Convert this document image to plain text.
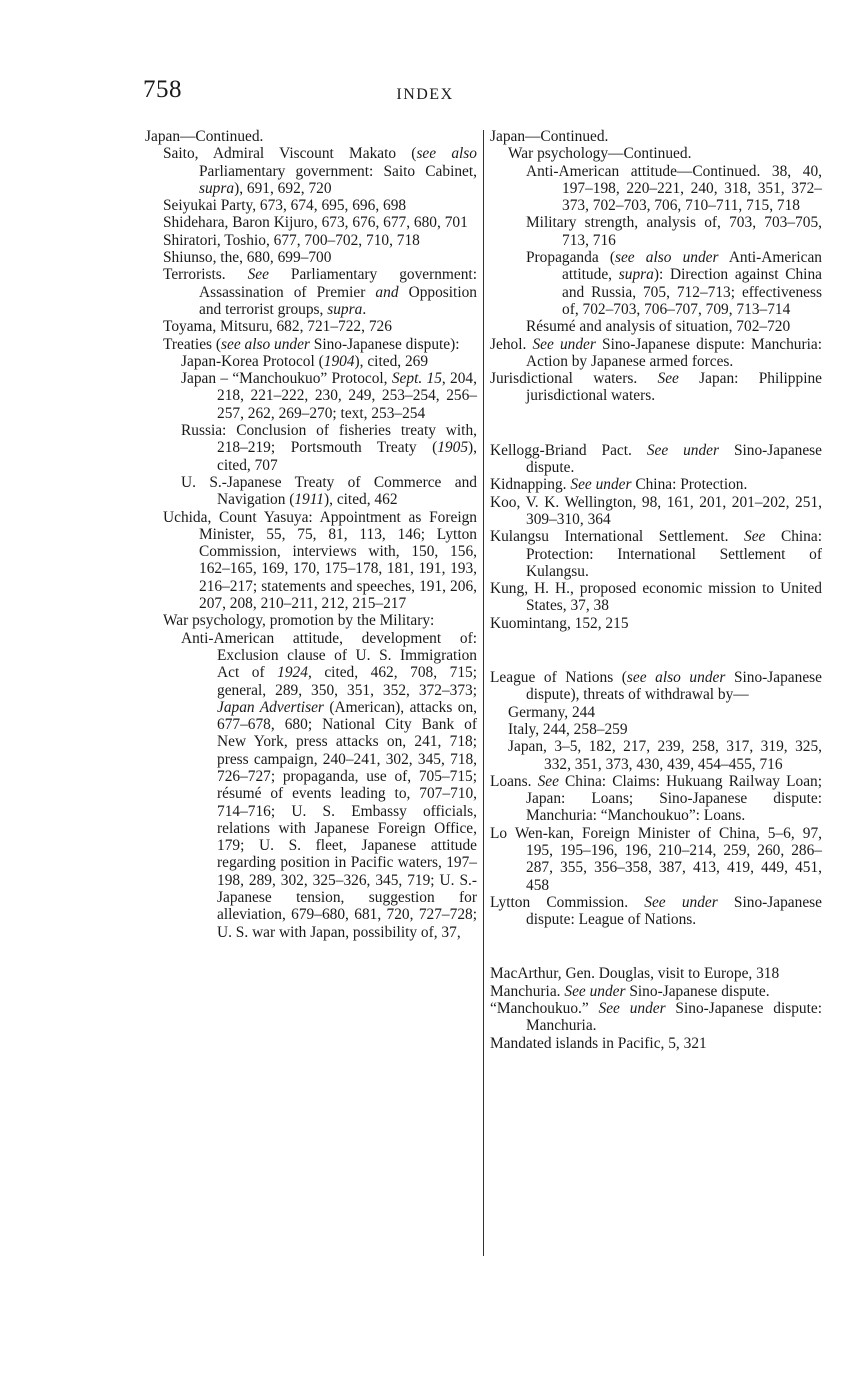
758	INDEX
Japan—Continued.
Saito, Admiral Viscount Makato (see also Parliamentary government: Saito Cabinet, supra), 691, 692, 720
Seiyukai Party, 673, 674, 695, 696, 698
Shidehara, Baron Kijuro, 673, 676, 677, 680, 701
Shiratori, Toshio, 677, 700–702, 710, 718
Shiunso, the, 680, 699–700
Terrorists. See Parliamentary government: Assassination of Premier and Opposition and terrorist groups, supra.
Toyama, Mitsuru, 682, 721–722, 726
Treaties (see also under Sino-Japanese dispute):
Japan-Korea Protocol (1904), cited, 269
Japan – “Manchoukuo” Protocol, Sept. 15, 204, 218, 221–222, 230, 249, 253–254, 256–257, 262, 269–270; text, 253–254
Russia: Conclusion of fisheries treaty with, 218–219; Portsmouth Treaty (1905), cited, 707
U. S.-Japanese Treaty of Commerce and Navigation (1911), cited, 462
Uchida, Count Yasuya: Appointment as Foreign Minister, 55, 75, 81, 113, 146; Lytton Commission, interviews with, 150, 156, 162–165, 169, 170, 175–178, 181, 191, 193, 216–217; statements and speeches, 191, 206, 207, 208, 210–211, 212, 215–217
War psychology, promotion by the Military:
Anti-American attitude, development of: Exclusion clause of U. S. Immigration Act of 1924, cited, 462, 708, 715; general, 289, 350, 351, 352, 372–373; Japan Advertiser (American), attacks on, 677–678, 680; National City Bank of New York, press attacks on, 241, 718; press campaign, 240–241, 302, 345, 718, 726–727; propaganda, use of, 705–715; résumé of events leading to, 707–710, 714–716; U. S. Embassy officials, relations with Japanese Foreign Office, 179; U. S. fleet, Japanese attitude regarding position in Pacific waters, 197–198, 289, 302, 325–326, 345, 719; U. S.-Japanese tension, suggestion for alleviation, 679–680, 681, 720, 727–728; U. S. war with Japan, possibility of, 37,
Japan—Continued.
War psychology—Continued.
Anti-American attitude—Continued. 38, 40, 197–198, 220–221, 240, 318, 351, 372–373, 702–703, 706, 710–711, 715, 718
Military strength, analysis of, 703, 703–705, 713, 716
Propaganda (see also under Anti-American attitude, supra): Direction against China and Russia, 705, 712–713; effectiveness of, 702–703, 706–707, 709, 713–714
Résumé and analysis of situation, 702–720
Jehol. See under Sino-Japanese dispute: Manchuria: Action by Japanese armed forces.
Jurisdictional waters. See Japan: Philippine jurisdictional waters.
Kellogg-Briand Pact. See under Sino-Japanese dispute.
Kidnapping. See under China: Protection.
Koo, V. K. Wellington, 98, 161, 201, 201–202, 251, 309–310, 364
Kulangsu International Settlement. See China: Protection: International Settlement of Kulangsu.
Kung, H. H., proposed economic mission to United States, 37, 38
Kuomintang, 152, 215
League of Nations (see also under Sino-Japanese dispute), threats of withdrawal by—
Germany, 244
Italy, 244, 258–259
Japan, 3–5, 182, 217, 239, 258, 317, 319, 325, 332, 351, 373, 430, 439, 454–455, 716
Loans. See China: Claims: Hukuang Railway Loan; Japan: Loans; Sino-Japanese dispute: Manchuria: “Manchoukuo”: Loans.
Lo Wen-kan, Foreign Minister of China, 5–6, 97, 195, 195–196, 196, 210–214, 259, 260, 286–287, 355, 356–358, 387, 413, 419, 449, 451, 458
Lytton Commission. See under Sino-Japanese dispute: League of Nations.
MacArthur, Gen. Douglas, visit to Europe, 318
Manchuria. See under Sino-Japanese dispute.
“Manchoukuo.” See under Sino-Japanese dispute: Manchuria.
Mandated islands in Pacific, 5, 321
